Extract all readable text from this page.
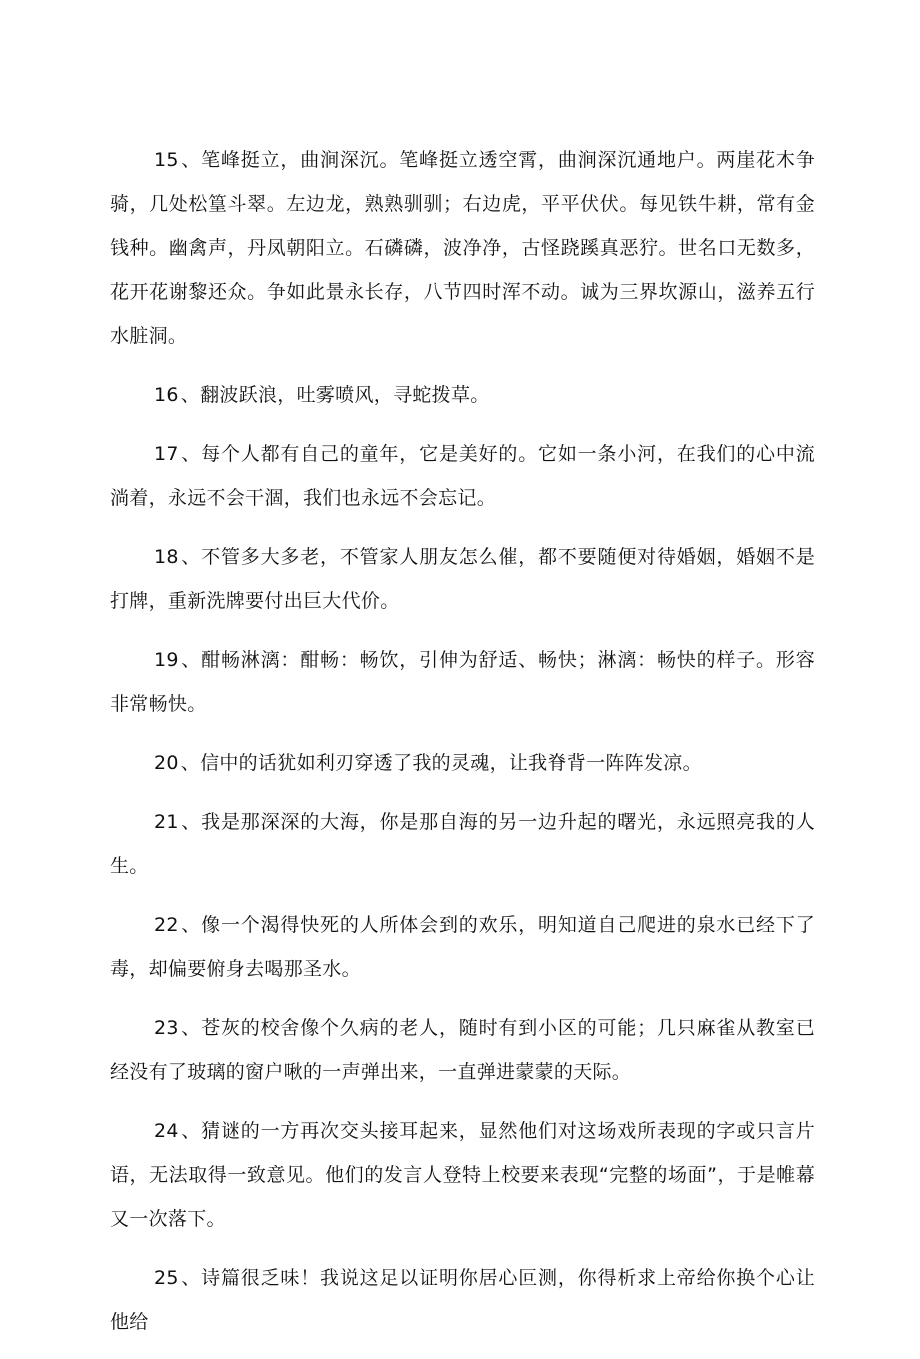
15 、笔峰挺立，曲涧深沉。笔峰挺立透空霄，曲涧深沉通地户。两崖花木争骑，几处松篁斗翠。左边龙，熟熟驯驯；右边虎，平平伏伏。每见铁牛耕，常有金钱种。幽禽声，丹凤朝阳立。石磷磷，波净净，古怪跷蹊真恶狞。世名口无数多，花开花谢黎还众。争如此景永长存，八节四时浑不动。诚为三界坎源山，滋养五行水脏洞。

16 、翻波跃浪，吐雾喷风，寻蛇拨草。

17 、每个人都有自己的童年，它是美好的。它如一条小河，在我们的心中流淌着，永远不会干涸，我们也永远不会忘记。

18 、不管多大多老，不管家人朋友怎么催，都不要随便对待婚姻，婚姻不是打牌，重新洗牌要付出巨大代价。

19 、酣畅淋漓：酣畅：畅饮，引伸为舒适、畅快；淋漓：畅快的样子。形容非常畅快。

20 、信中的话犹如利刃穿透了我的灵魂，让我脊背一阵阵发凉。

21 、我是那深深的大海，你是那自海的另一边升起的曙光，永远照亮我的人生。

22 、像一个渴得快死的人所体会到的欢乐，明知道自己爬进的泉水已经下了毒，却偏要俯身去喝那圣水。

23 、苍灰的校舍像个久病的老人，随时有到小区的可能；几只麻雀从教室已经没有了玻璃的窗户啾的一声弹出来，一直弹进蒙蒙的天际。

24 、猜谜的一方再次交头接耳起来，显然他们对这场戏所表现的字或只言片语，无法取得一致意见。他们的发言人登特上校要来表现“完整的场面”，于是帷幕又一次落下。

25 、诗篇很乏味！我说这足以证明你居心叵测，你得析求上帝给你换个心让他给
